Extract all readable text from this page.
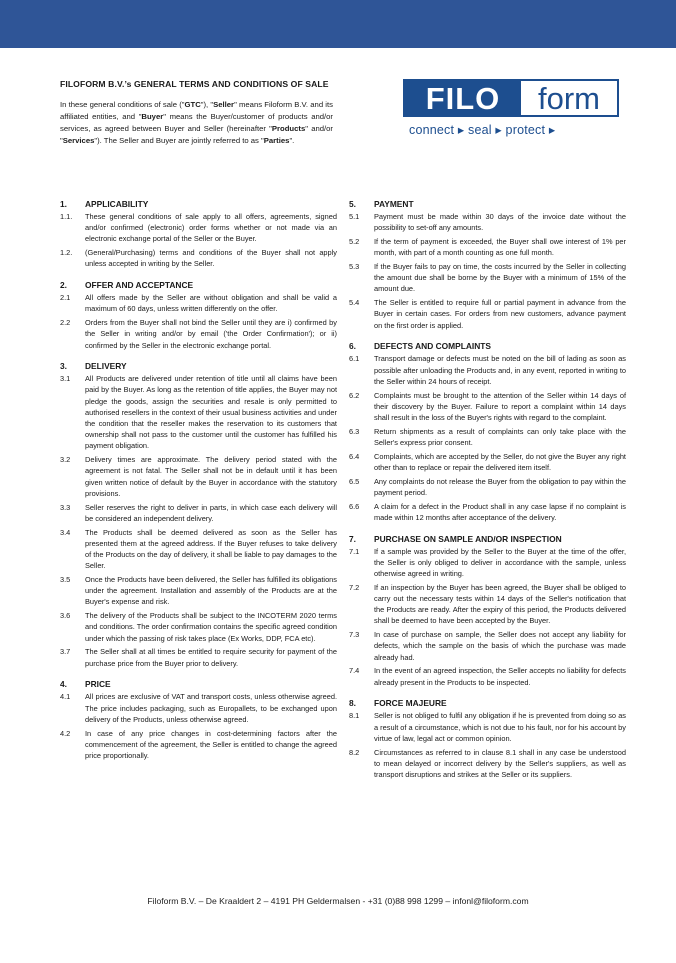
FILOFORM B.V.’s GENERAL TERMS AND CONDITIONS OF SALE
In these general conditions of sale ("GTC"), "Seller" means Filoform B.V. and its affiliated entities, and "Buyer" means the Buyer/customer of products and/or services, as agreed between Buyer and Seller (hereinafter "Products" and/or "Services"). The Seller and Buyer are jointly referred to as "Parties".
FILO	form
connect ▸ seal ▸ protect ▸
1.	APPLICABILITY
1.1.	These general conditions of sale apply to all offers, agreements, signed and/or confirmed (electronic) order forms whether or not made via an electronic exchange portal of the Seller or the Buyer.
1.2.	(General/Purchasing) terms and conditions of the Buyer shall not apply unless accepted in writing by the Seller.
2.	OFFER AND ACCEPTANCE
2.1	All offers made by the Seller are without obligation and shall be valid a maximum of 60 days, unless written differently on the offer.
2.2	Orders from the Buyer shall not bind the Seller until they are i) confirmed by the Seller in writing and/or by email ('the Order Confirmation'); or ii) confirmed by the Seller in the electronic exchange portal.
3.	DELIVERY
3.1	All Products are delivered under retention of title until all claims have been paid by the Buyer. As long as the retention of title applies, the Buyer may not pledge the goods, assign the securities and resale is only permitted to authorised resellers in the context of their usual business activities and under the condition that the reseller makes the reservation to its customers that ownership shall not pass to the customer until the customer has fulfilled his payment obligation.
3.2	Delivery times are approximate. The delivery period stated with the agreement is not fatal. The Seller shall not be in default until it has been given written notice of default by the Buyer in accordance with the statutory provisions.
3.3	Seller reserves the right to deliver in parts, in which case each delivery will be considered an independent delivery.
3.4	The Products shall be deemed delivered as soon as the Seller has presented them at the agreed address. If the Buyer refuses to take delivery of the Products on the day of delivery, it shall be liable to pay damages to the Seller.
3.5	Once the Products have been delivered, the Seller has fulfilled its obligations under the agreement. Installation and assembly of the Products are at the Buyer's expense and risk.
3.6	The delivery of the Products shall be subject to the INCOTERM 2020 terms and conditions. The order confirmation contains the specific agreed condition under which the passing of risk takes place (Ex Works, DDP, FCA etc).
3.7	The Seller shall at all times be entitled to require security for payment of the purchase price from the Buyer prior to delivery.
4.	PRICE
4.1	All prices are exclusive of VAT and transport costs, unless otherwise agreed. The price includes packaging, such as Europallets, to be exchanged upon delivery of the Products, unless otherwise agreed.
4.2	In case of any price changes in cost-determining factors after the commencement of the agreement, the Seller is entitled to change the agreed price proportionally.
5.	PAYMENT
5.1	Payment must be made within 30 days of the invoice date without the possibility to set-off any amounts.
5.2	If the term of payment is exceeded, the Buyer shall owe interest of 1% per month, with part of a month counting as one full month.
5.3	If the Buyer fails to pay on time, the costs incurred by the Seller in collecting the amount due shall be borne by the Buyer with a minimum of 15% of the amount due.
5.4	The Seller is entitled to require full or partial payment in advance from the Buyer in certain cases. For orders from new customers, advance payment on the first order is applied.
6.	DEFECTS AND COMPLAINTS
6.1	Transport damage or defects must be noted on the bill of lading as soon as possible after unloading the Products and, in any event, reported in writing to the Seller within 24 hours of receipt.
6.2	Complaints must be brought to the attention of the Seller within 14 days of their discovery by the Buyer. Failure to report a complaint within 14 days shall result in the loss of the Buyer's rights with regard to the complaint.
6.3	Return shipments as a result of complaints can only take place with the Seller's express prior consent.
6.4	Complaints, which are accepted by the Seller, do not give the Buyer any right other than to replace or repair the delivered item itself.
6.5	Any complaints do not release the Buyer from the obligation to pay within the payment period.
6.6	A claim for a defect in the Product shall in any case lapse if no complaint is made within 12 months after acceptance of the delivery.
7.	PURCHASE ON SAMPLE AND/OR INSPECTION
7.1	If a sample was provided by the Seller to the Buyer at the time of the offer, the Seller is only obliged to deliver in accordance with the sample, unless otherwise agreed in writing.
7.2	If an inspection by the Buyer has been agreed, the Buyer shall be obliged to carry out the necessary tests within 14 days of the Seller's notification that the Products are ready. After the expiry of this period, the Products delivered shall be deemed to have been accepted by the Buyer.
7.3	In case of purchase on sample, the Seller does not accept any liability for defects, which the sample on the basis of which the purchase was made already had.
7.4	In the event of an agreed inspection, the Seller accepts no liability for defects already present in the Products to be inspected.
8.	FORCE MAJEURE
8.1	Seller is not obliged to fulfil any obligation if he is prevented from doing so as a result of a circumstance, which is not due to his fault, nor for his account by virtue of law, legal act or common opinion.
8.2	Circumstances as referred to in clause 8.1 shall in any case be understood to mean delayed or incorrect delivery by the Seller's suppliers, as well as transport disruptions and strikes at the Seller or its suppliers.
Filoform B.V. – De Kraaldert 2 – 4191 PH Geldermalsen - +31 (0)88 998 1299 – infonl@filoform.com
